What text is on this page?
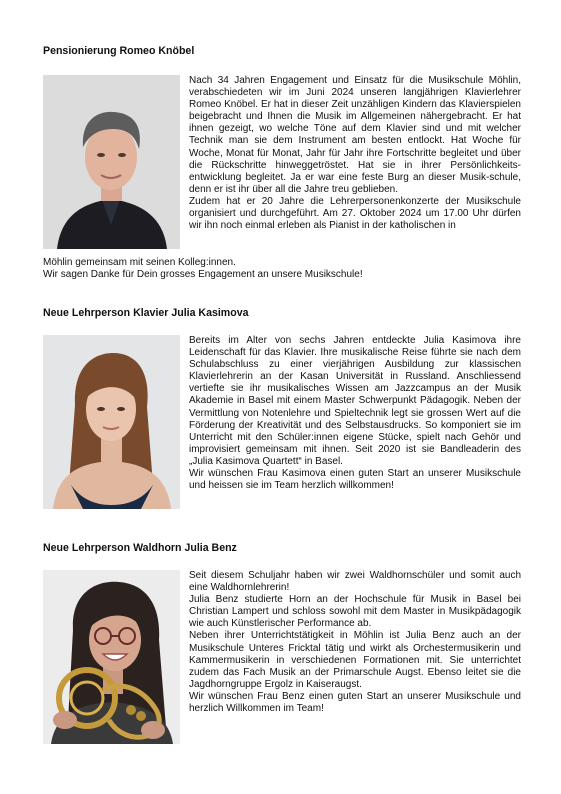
Pensionierung Romeo Knöbel

Nach 34 Jahren Engagement und Einsatz für die Musikschule Möhlin, verabschiedeten wir im Juni 2024 unseren langjährigen Klavierlehrer Romeo Knöbel. Er hat in dieser Zeit unzähligen Kindern das Klavierspielen beigebracht und Ihnen die Musik im Allgemeinen nähergebracht. Er hat ihnen gezeigt, wo welche Töne auf dem Klavier sind und mit welcher Technik man sie dem Instrument am besten entlockt. Hat Woche für Woche, Monat für Monat, Jahr für Jahr ihre Fortschritte begleitet und über die Rückschritte hinweggetröstet. Hat sie in ihrer Persönlichkeits-entwicklung begleitet. Ja er war eine feste Burg an dieser Musik-schule, denn er ist ihr über all die Jahre treu geblieben.

Zudem hat er 20 Jahre die Lehrerpersonenkonzerte der Musikschule organisiert und durchgeführt. Am 27. Oktober 2024 um 17.00 Uhr dürfen wir ihn noch einmal erleben als Pianist in der katholischen in

Möhlin gemeinsam mit seinen Kolleg:innen.

Wir sagen Danke für Dein grosses Engagement an unsere Musikschule!

Neue Lehrperson Klavier Julia Kasimova

Bereits im Alter von sechs Jahren entdeckte Julia Kasimova ihre Leidenschaft für das Klavier. Ihre musikalische Reise führte sie nach dem Schulabschluss zu einer vierjährigen Ausbildung zur klassischen Klavierlehrerin an der Kasan Universität in Russland. Anschliessend vertiefte sie ihr musikalisches Wissen am Jazzcampus an der Musik Akademie in Basel mit einem Master Schwerpunkt Pädagogik. Neben der Vermittlung von Notenlehre und Spieltechnik legt sie grossen Wert auf die Förderung der Kreativität und des Selbstausdrucks. So komponiert sie im Unterricht mit den Schüler:innen eigene Stücke, spielt nach Gehör und improvisiert gemeinsam mit ihnen. Seit 2020 ist sie Bandleaderin des „Julia Kasimova Quartett“ in Basel.

Wir wünschen Frau Kasimova einen guten Start an unserer Musikschule und heissen sie im Team herzlich willkommen!

Neue Lehrperson Waldhorn Julia Benz

Seit diesem Schuljahr haben wir zwei Waldhornschüler und somit auch eine Waldhornlehrerin!

Julia Benz studierte Horn an der Hochschule für Musik in Basel bei Christian Lampert und schloss sowohl mit dem Master in Musikpädagogik wie auch Künstlerischer Performance ab.

Neben ihrer Unterrichtstätigkeit in Möhlin ist Julia Benz auch an der Musikschule Unteres Fricktal tätig und wirkt als Orchestermusikerin und Kammermusikerin in verschiedenen Formationen mit. Sie unterrichtet zudem das Fach Musik an der Primarschule Augst. Ebenso leitet sie die Jagdhorngruppe Ergolz in Kaiseraugst.

Wir wünschen Frau Benz einen guten Start an unserer Musikschule und herzlich Willkommen im Team!
